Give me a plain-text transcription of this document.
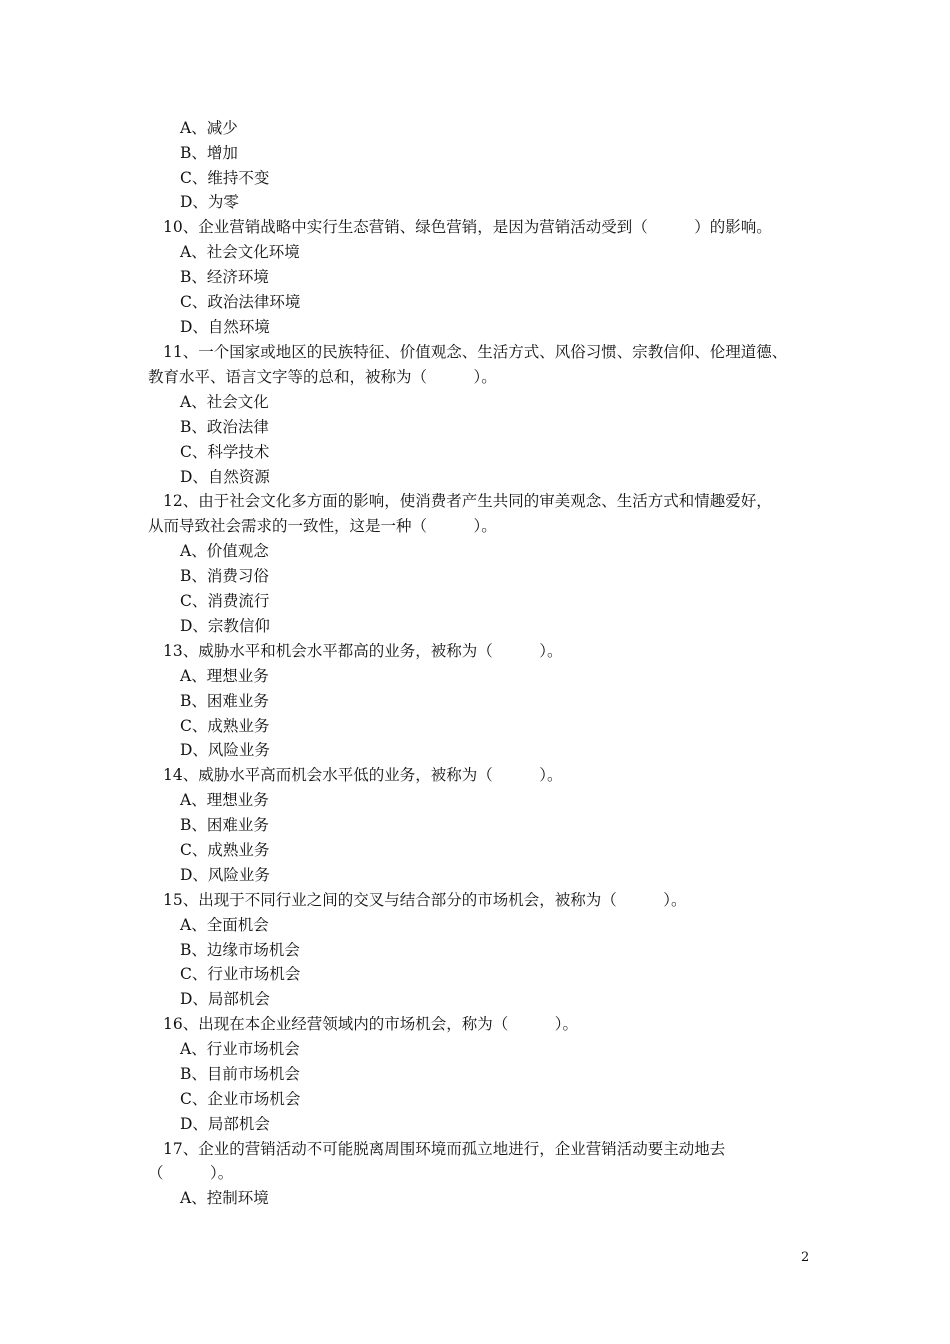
A、减少
B、增加
C、维持不变
D、为零
10、企业营销战略中实行生态营销、绿色营销，是因为营销活动受到（　　　）的影响。
A、社会文化环境
B、经济环境
C、政治法律环境
D、自然环境
11、一个国家或地区的民族特征、价值观念、生活方式、风俗习惯、宗教信仰、伦理道德、
教育水平、语言文字等的总和，被称为（　　　）。
A、社会文化
B、政治法律
C、科学技术
D、自然资源
12、由于社会文化多方面的影响，使消费者产生共同的审美观念、生活方式和情趣爱好，
从而导致社会需求的一致性，这是一种（　　　）。
A、价值观念
B、消费习俗
C、消费流行
D、宗教信仰
13、威胁水平和机会水平都高的业务，被称为（　　　）。
A、理想业务
B、困难业务
C、成熟业务
D、风险业务
14、威胁水平高而机会水平低的业务，被称为（　　　）。
A、理想业务
B、困难业务
C、成熟业务
D、风险业务
15、出现于不同行业之间的交叉与结合部分的市场机会，被称为（　　　）。
A、全面机会
B、边缘市场机会
C、行业市场机会
D、局部机会
16、出现在本企业经营领域内的市场机会，称为（　　　）。
A、行业市场机会
B、目前市场机会
C、企业市场机会
D、局部机会
17、企业的营销活动不可能脱离周围环境而孤立地进行，企业营销活动要主动地去
（　　　）。
A、控制环境
2
